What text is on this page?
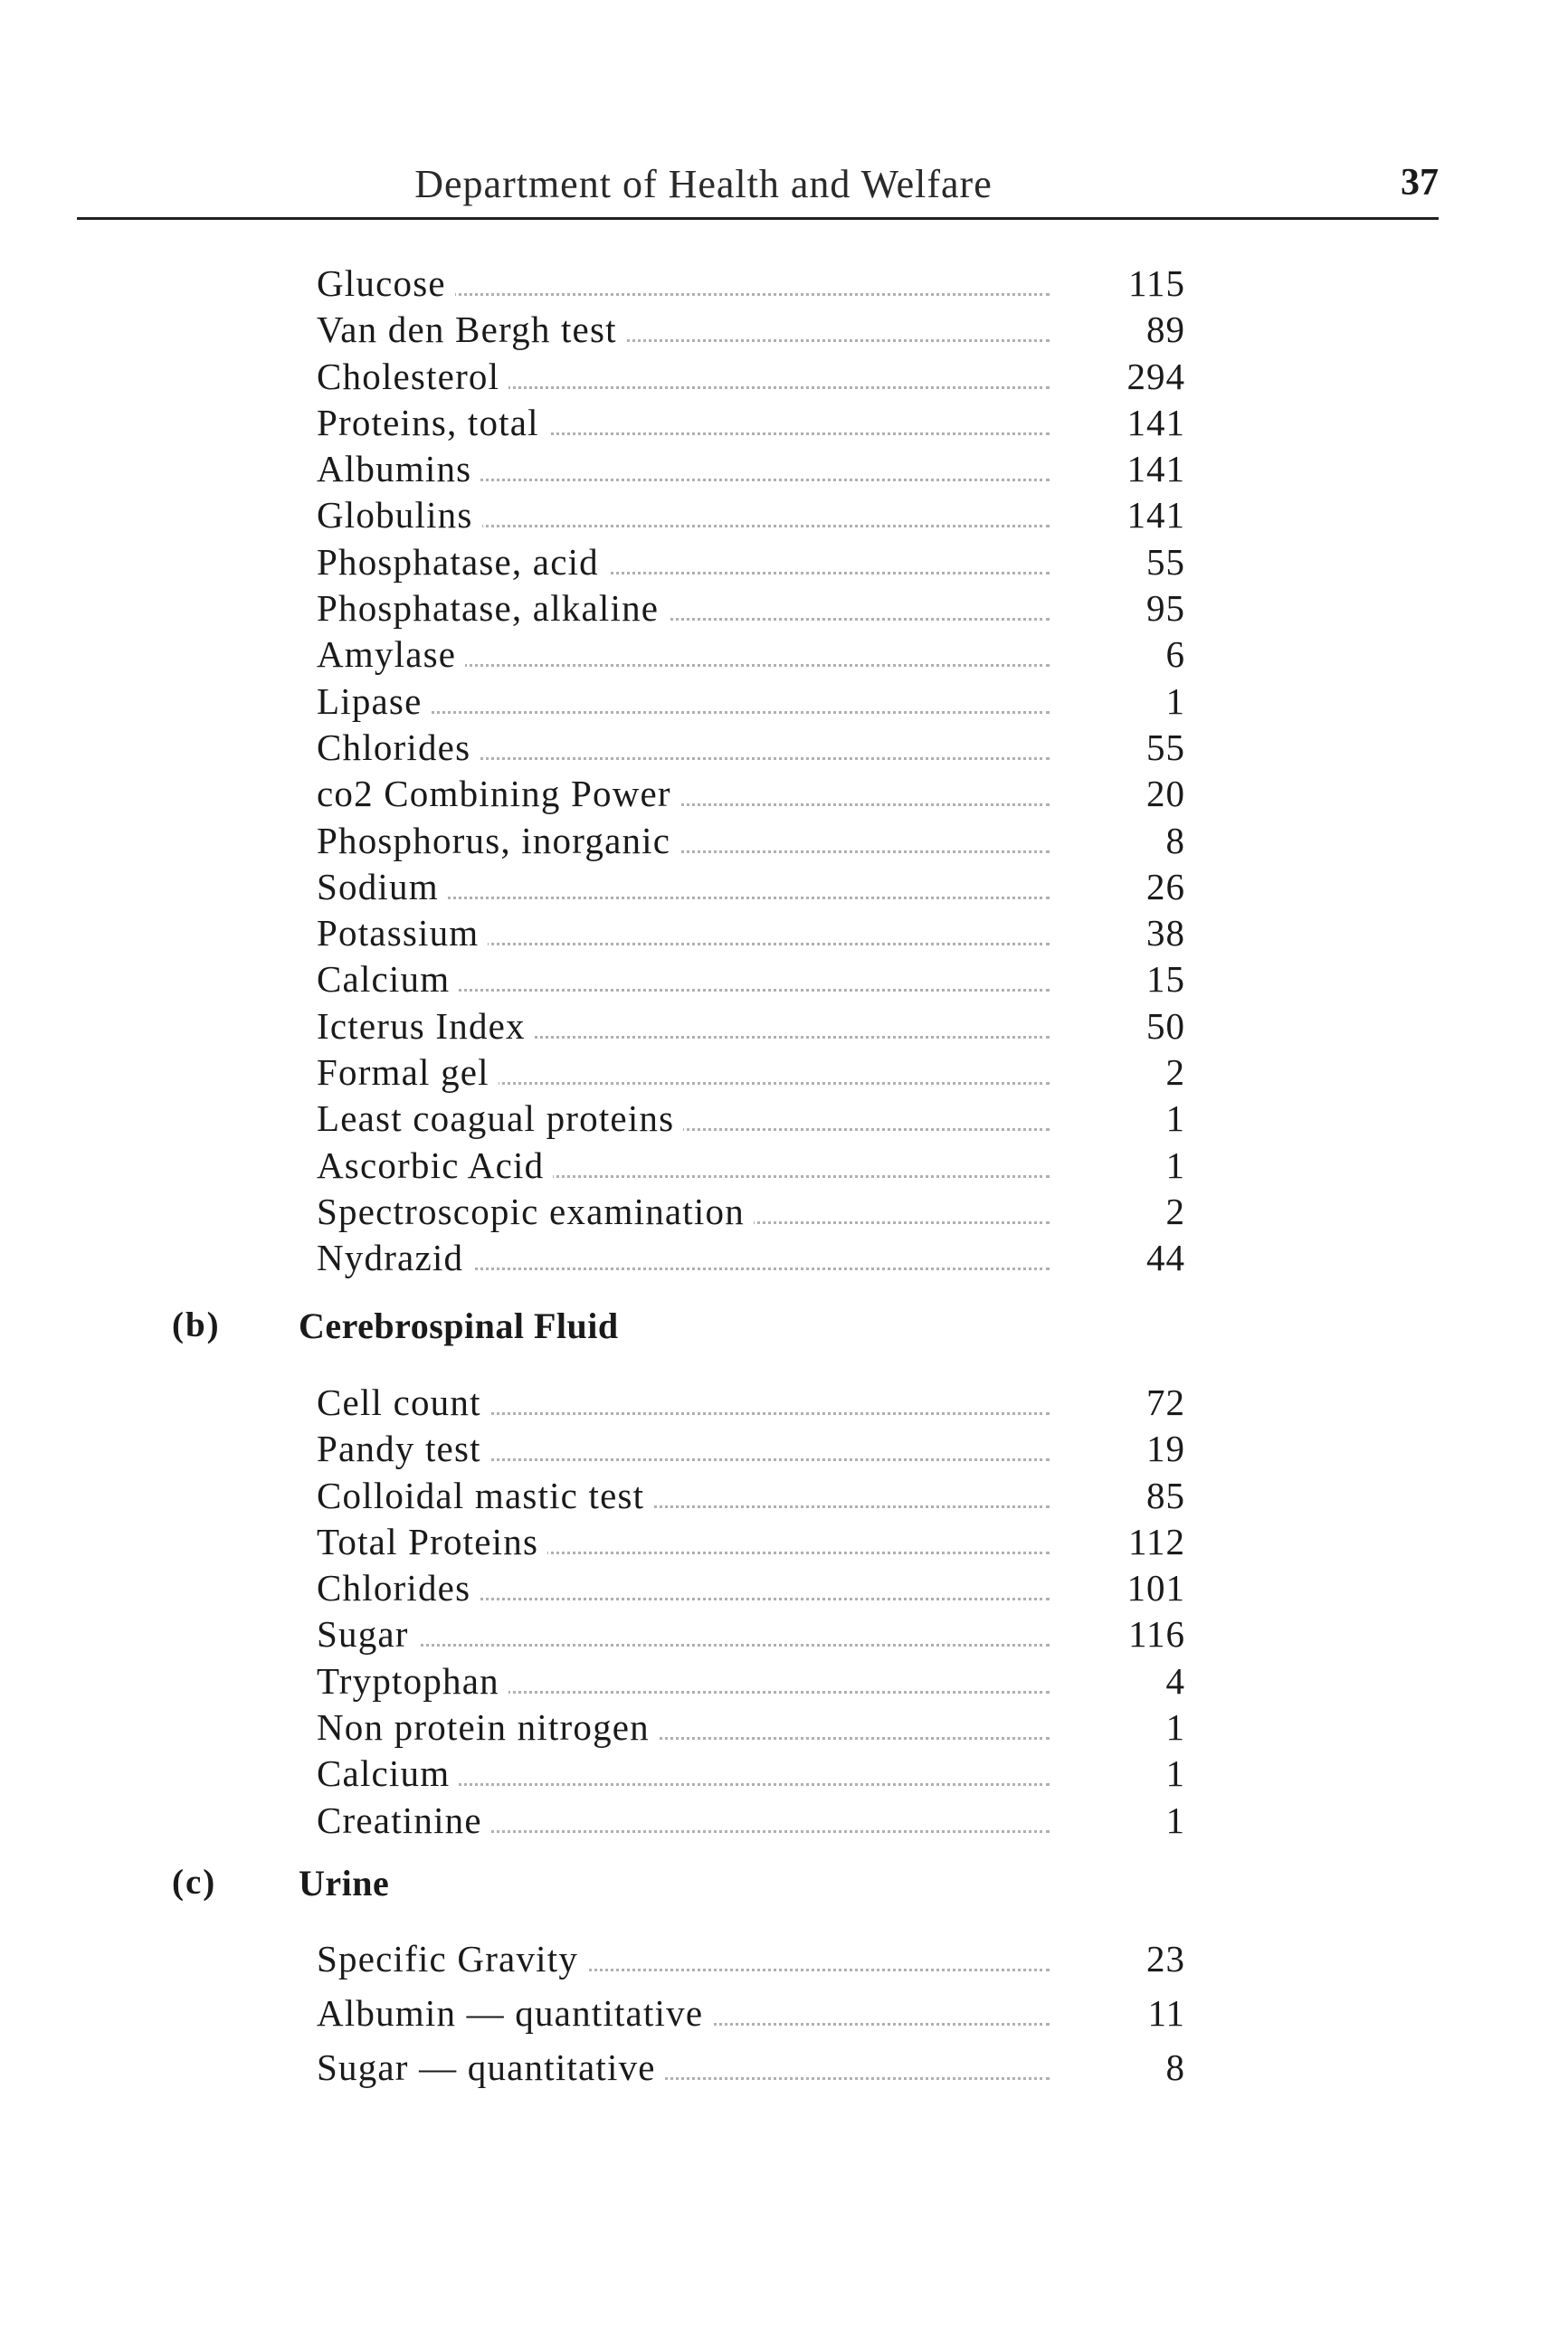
Department of Health and Welfare	37
Glucose	115
Van den Bergh test	89
Cholesterol	294
Proteins, total	141
Albumins	141
Globulins	141
Phosphatase, acid	55
Phosphatase, alkaline	95
Amylase	6
Lipase	1
Chlorides	55
co2 Combining Power	20
Phosphorus, inorganic	8
Sodium	26
Potassium	38
Calcium	15
Icterus Index	50
Formal gel	2
Least coagual proteins	1
Ascorbic Acid	1
Spectroscopic examination	2
Nydrazid	44
(b) Cerebrospinal Fluid
Cell count	72
Pandy test	19
Colloidal mastic test	85
Total Proteins	112
Chlorides	101
Sugar	116
Tryptophan	4
Non protein nitrogen	1
Calcium	1
Creatinine	1
(c) Urine
Specific Gravity	23
Albumin — quantitative	11
Sugar — quantitative	8
